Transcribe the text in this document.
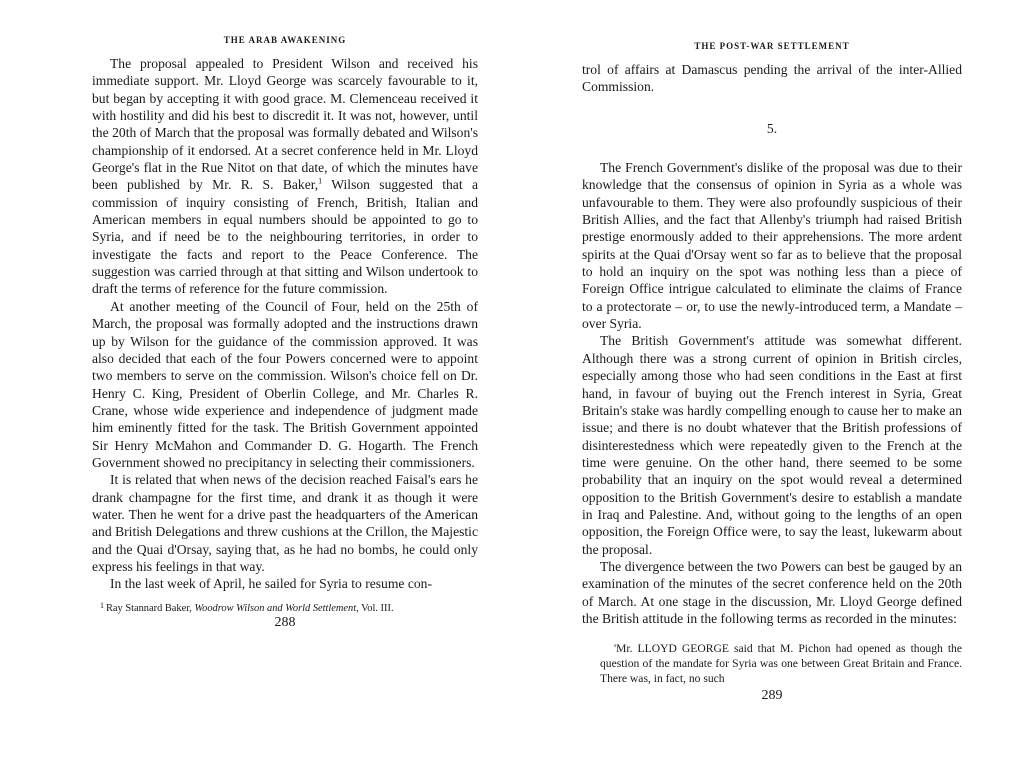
THE ARAB AWAKENING

The proposal appealed to President Wilson and received his immediate support. Mr. Lloyd George was scarcely favourable to it, but began by accepting it with good grace. M. Clemenceau received it with hostility and did his best to discredit it. It was not, however, until the 20th of March that the proposal was formally debated and Wilson's championship of it endorsed. At a secret conference held in Mr. Lloyd George's flat in the Rue Nitot on that date, of which the minutes have been published by Mr. R. S. Baker,$^1$ Wilson suggested that a commission of inquiry consisting of French, British, Italian and American members in equal numbers should be appointed to go to Syria, and if need be to the neighbouring territories, in order to investigate the facts and report to the Peace Conference. The suggestion was carried through at that sitting and Wilson undertook to draft the terms of reference for the future commission.

At another meeting of the Council of Four, held on the 25th of March, the proposal was formally adopted and the instructions drawn up by Wilson for the guidance of the commission approved. It was also decided that each of the four Powers concerned were to appoint two members to serve on the commission. Wilson's choice fell on Dr. Henry C. King, President of Oberlin College, and Mr. Charles R. Crane, whose wide experience and independence of judgment made him eminently fitted for the task. The British Government appointed Sir Henry McMahon and Commander D. G. Hogarth. The French Government showed no precipitancy in selecting their commissioners.

It is related that when news of the decision reached Faisal's ears he drank champagne for the first time, and drank it as though it were water. Then he went for a drive past the headquarters of the American and British Delegations and threw cushions at the Crillon, the Majestic and the Quai d'Orsay, saying that, as he had no bombs, he could only express his feelings in that way.

In the last week of April, he sailed for Syria to resume con-

$^1$ Ray Stannard Baker, Woodrow Wilson and World Settlement, Vol. III.
288
THE POST-WAR SETTLEMENT

trol of affairs at Damascus pending the arrival of the inter-Allied Commission.

5.

The French Government's dislike of the proposal was due to their knowledge that the consensus of opinion in Syria as a whole was unfavourable to them. They were also profoundly suspicious of their British Allies, and the fact that Allenby's triumph had raised British prestige enormously added to their apprehensions. The more ardent spirits at the Quai d'Orsay went so far as to believe that the proposal to hold an inquiry on the spot was nothing less than a piece of Foreign Office intrigue calculated to eliminate the claims of France to a protectorate – or, to use the newly-introduced term, a Mandate – over Syria.

The British Government's attitude was somewhat different. Although there was a strong current of opinion in British circles, especially among those who had seen conditions in the East at first hand, in favour of buying out the French interest in Syria, Great Britain's stake was hardly compelling enough to cause her to make an issue; and there is no doubt whatever that the British professions of disinterestedness which were repeatedly given to the French at the time were genuine. On the other hand, there seemed to be some probability that an inquiry on the spot would reveal a determined opposition to the British Government's desire to establish a mandate in Iraq and Palestine. And, without going to the lengths of an open opposition, the Foreign Office were, to say the least, lukewarm about the proposal.

The divergence between the two Powers can best be gauged by an examination of the minutes of the secret conference held on the 20th of March. At one stage in the discussion, Mr. Lloyd George defined the British attitude in the following terms as recorded in the minutes:

'Mr. LLOYD GEORGE said that M. Pichon had opened as though the question of the mandate for Syria was one between Great Britain and France. There was, in fact, no such
289
